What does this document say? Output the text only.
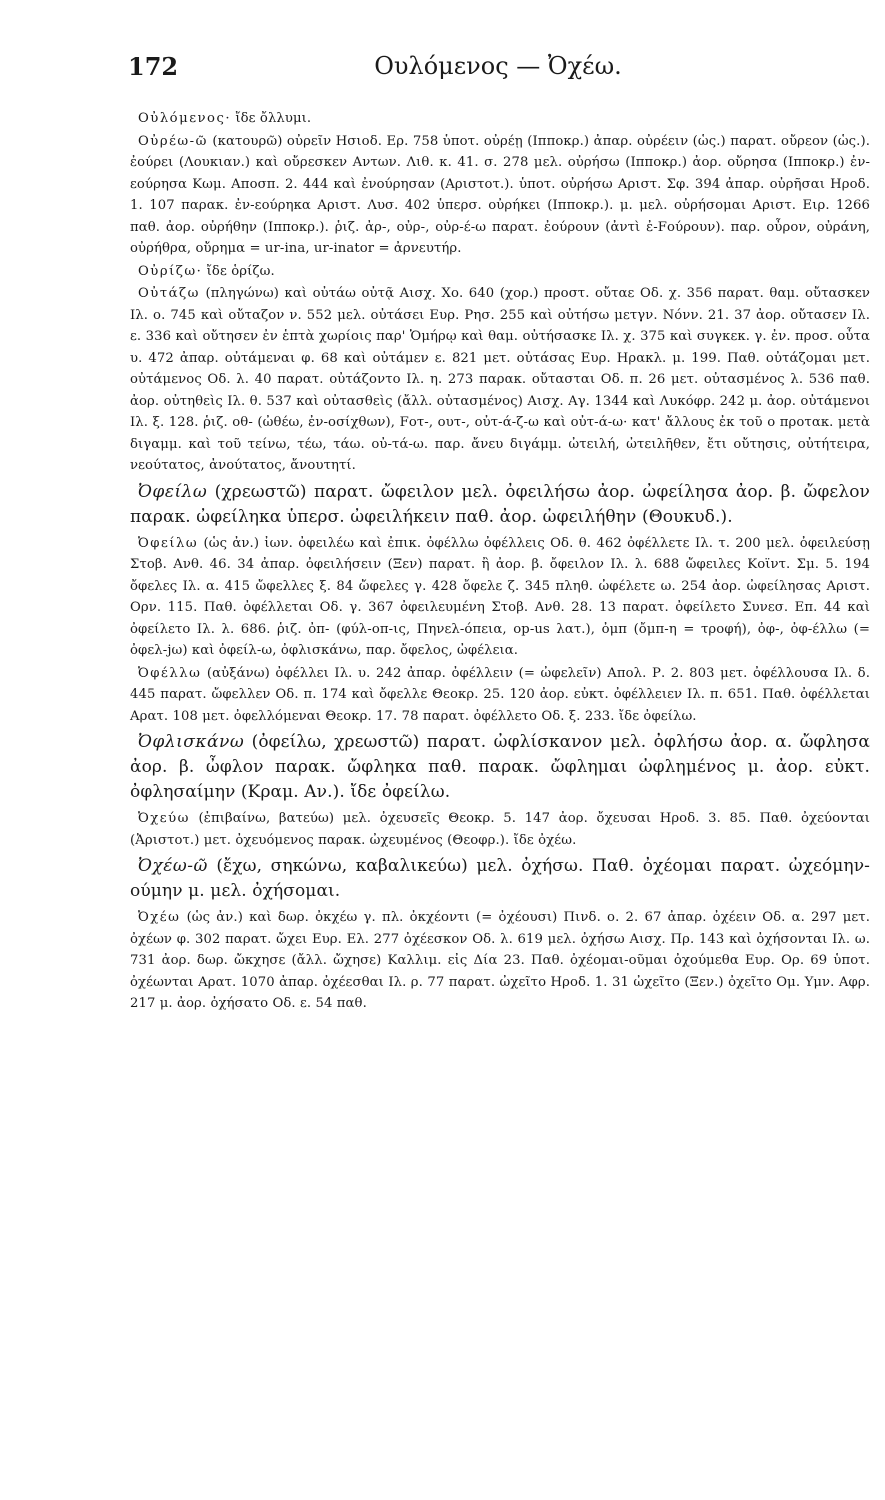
172	Ουλόμενος — Ὀχέω.

Οὐλόμενος· ἴδε ὄλλυμι.

Οὐρέω-ῶ (κατουρῶ) οὐρεῖν Ησιοδ. Ερ. 758 ὑποτ. οὐρέῃ (Ιπποκρ.) ἀπαρ. οὐρέειν (ὡς.) παρατ. οὔρεον (ὡς.). ἐούρει (Λουκιαν.) καὶ οὔρεσκεν Αντων. Λιθ. κ. 41. σ. 278 μελ. οὐρήσω (Ιπποκρ.) ἀορ. οὔρησα (Ιπποκρ.) ἐν-εούρησα Κωμ. Αποσπ. 2. 444 καὶ ἐνούρησαν (Αριστοτ.). ὑποτ. οὐρήσω Αριστ. Σφ. 394 ἀπαρ. οὐρῆσαι Ηροδ. 1. 107 παρακ. ἐν-εούρηκα Αριστ. Λυσ. 402 ὑπερσ. οὐρήκει (Ιπποκρ.). μ. μελ. οὐρήσομαι Αριστ. Ειρ. 1266 παθ. ἀορ. οὐρήθην (Ιπποκρ.). ῥιζ. ἀρ-, οὐρ-, οὐρ-έ-ω παρατ. ἐούρουν (ἀντὶ ἐ-Fούρουν). παρ. οὖρον, οὐράνη, οὐρήθρα, οὔρημα = ur-ina, ur-inator = ἀρνευτήρ.

Οὐρίζω· ἴδε ὁρίζω.

Οὐτάζω (πληγώνω) καὶ οὐτάω οὐτᾷ Αισχ. Χο. 640 (χορ.) προστ. οὔταε Οδ. χ. 356 παρατ. θαμ. οὔτασκεν Ιλ. ο. 745 καὶ οὔταζον ν. 552 μελ. οὐτάσει Ευρ. Ρησ. 255 καὶ οὐτήσω μετγν. Νόνν. 21. 37 ἀορ. οὔτασεν Ιλ. ε. 336 καὶ οὔτησεν ἐν ἑπτὰ χωρίοις παρ' Ὁμήρῳ καὶ θαμ. οὐτήσασκε Ιλ. χ. 375 καὶ συγκεκ. γ. ἐν. προσ. οὖτα υ. 472 ἀπαρ. οὐτάμεναι φ. 68 καὶ οὐτάμεν ε. 821 μετ. οὐτάσας Ευρ. Ηρακλ. μ. 199. Παθ. οὐτάζομαι μετ. οὐτάμενος Οδ. λ. 40 παρατ. οὐτάζοντο Ιλ. η. 273 παρακ. οὔτασται Οδ. π. 26 μετ. οὐτασμένος λ. 536 παθ. ἀορ. οὐτηθεὶς Ιλ. θ. 537 καὶ οὐτασθεὶς (ἄλλ. οὐτασμένος) Αισχ. Αγ. 1344 καὶ Λυκόφρ. 242 μ. ἀορ. οὐτάμενοι Ιλ. ξ. 128. ῥιζ. οθ- (ὠθέω, ἐν-οσίχθων), Fοτ-, ουτ-, οὐτ-ά-ζ-ω καὶ οὐτ-ά-ω· κατ' ἄλλους ἐκ τοῦ ο προτακ. μετὰ διγαμμ. καὶ τοῦ τείνω, τέω, τάω. οὐ-τά-ω. παρ. ἄνευ διγάμμ. ὠτειλή, ὠτειλῆθεν, ἔτι οὔτησις, οὐτήτειρα, νεούτατος, ἀνούτατος, ἄνουτητί.

Ὀφείλω (χρεωστῶ) παρατ. ὤφειλον μελ. ὀφειλήσω ἀορ. ὠφείλησα ἀορ. β. ὤφελον παρακ. ὠφείληκα ὑπερσ. ὠφειλήκειν παθ. ἀορ. ὠφειλήθην (Θουκυδ.).

Ὀφείλω (ὡς ἀν.) ἰων. ὀφειλέω καὶ ἐπικ. ὀφέλλω ὀφέλλεις Οδ. θ. 462 ὀφέλλετε Ιλ. τ. 200 μελ. ὀφειλεύσῃ Στοβ. Ανθ. 46. 34 ἀπαρ. ὀφειλήσειν (Ξεν) παρατ. ἢ ἀορ. β. ὄφειλον Ιλ. λ. 688 ὤφειλες Κοϊντ. Σμ. 5. 194 ὄφελες Ιλ. α. 415 ὤφελλες ξ. 84 ὤφελες γ. 428 ὄφελε ζ. 345 πληθ. ὠφέλετε ω. 254 ἀορ. ὠφείλησας Αριστ. Ορν. 115. Παθ. ὀφέλλεται Οδ. γ. 367 ὀφειλευμένη Στοβ. Ανθ. 28. 13 παρατ. ὀφείλετο Συνεσ. Επ. 44 καὶ ὀφείλετο Ιλ. λ. 686. ῥιζ. ὀπ- (φύλ-οπ-ις, Πηνελ-όπεια, op-us λατ.), ὀμπ (ὄμπ-η = τροφή), ὀφ-, ὀφ-έλλω (= ὀφελ-jω) καὶ ὀφείλ-ω, ὀφλισκάνω, παρ. ὄφελος, ὠφέλεια.

Ὀφέλλω (αὐξάνω) ὀφέλλει Ιλ. υ. 242 ἀπαρ. ὀφέλλειν (= ὠφελεῖν) Απολ. Ρ. 2. 803 μετ. ὀφέλλουσα Ιλ. δ. 445 παρατ. ὤφελλεν Οδ. π. 174 καὶ ὄφελλε Θεοκρ. 25. 120 ἀορ. εὐκτ. ὀφέλλειεν Ιλ. π. 651. Παθ. ὀφέλλεται Αρατ. 108 μετ. ὀφελλόμεναι Θεοκρ. 17. 78 παρατ. ὀφέλλετο Οδ. ξ. 233. ἴδε ὀφείλω.

Ὀφλισκάνω (ὀφείλω, χρεωστῶ) παρατ. ὠφλίσκανον μελ. ὀφλήσω ἀορ. α. ὤφλησα ἀορ. β. ὦφλον παρακ. ὤφληκα παθ. παρακ. ὤφλημαι ὠφλημένος μ. ἀορ. εὐκτ. ὀφλησαίμην (Κραμ. Αν.). ἴδε ὀφείλω.

Ὀχεύω (ἐπιβαίνω, βατεύω) μελ. ὀχευσεῖς Θεοκρ. 5. 147 ἀορ. ὄχευσαι Ηροδ. 3. 85. Παθ. ὀχεύονται (Ἀριστοτ.) μετ. ὀχευόμενος παρακ. ὠχευμένος (Θεοφρ.). ἴδε ὀχέω.

Ὀχέω-ῶ (ἔχω, σηκώνω, καβαλικεύω) μελ. ὀχήσω. Παθ. ὀχέομαι παρατ. ὠχεόμην-ούμην μ. μελ. ὀχήσομαι.

Ὀχέω (ὡς ἀν.) καὶ δωρ. ὀκχέω γ. πλ. ὀκχέοντι (= ὀχέουσι) Πινδ. ο. 2. 67 ἀπαρ. ὀχέειν Οδ. α. 297 μετ. ὀχέων φ. 302 παρατ. ὤχει Ευρ. Ελ. 277 ὀχέεσκον Οδ. λ. 619 μελ. ὀχήσω Αισχ. Πρ. 143 καὶ ὀχήσονται Ιλ. ω. 731 ἀορ. δωρ. ὤκχησε (ἄλλ. ὤχησε) Καλλιμ. εἰς Δία 23. Παθ. ὀχέομαι-οῦμαι ὀχούμεθα Ευρ. Ορ. 69 ὑποτ. ὀχέωνται Αρατ. 1070 ἀπαρ. ὀχέεσθαι Ιλ. ρ. 77 παρατ. ὠχεῖτο Ηροδ. 1. 31 ὠχεῖτο (Ξεν.) ὀχεῖτο Ομ. Υμν. Αφρ. 217 μ. ἀορ. ὀχήσατο Οδ. ε. 54 παθ.
